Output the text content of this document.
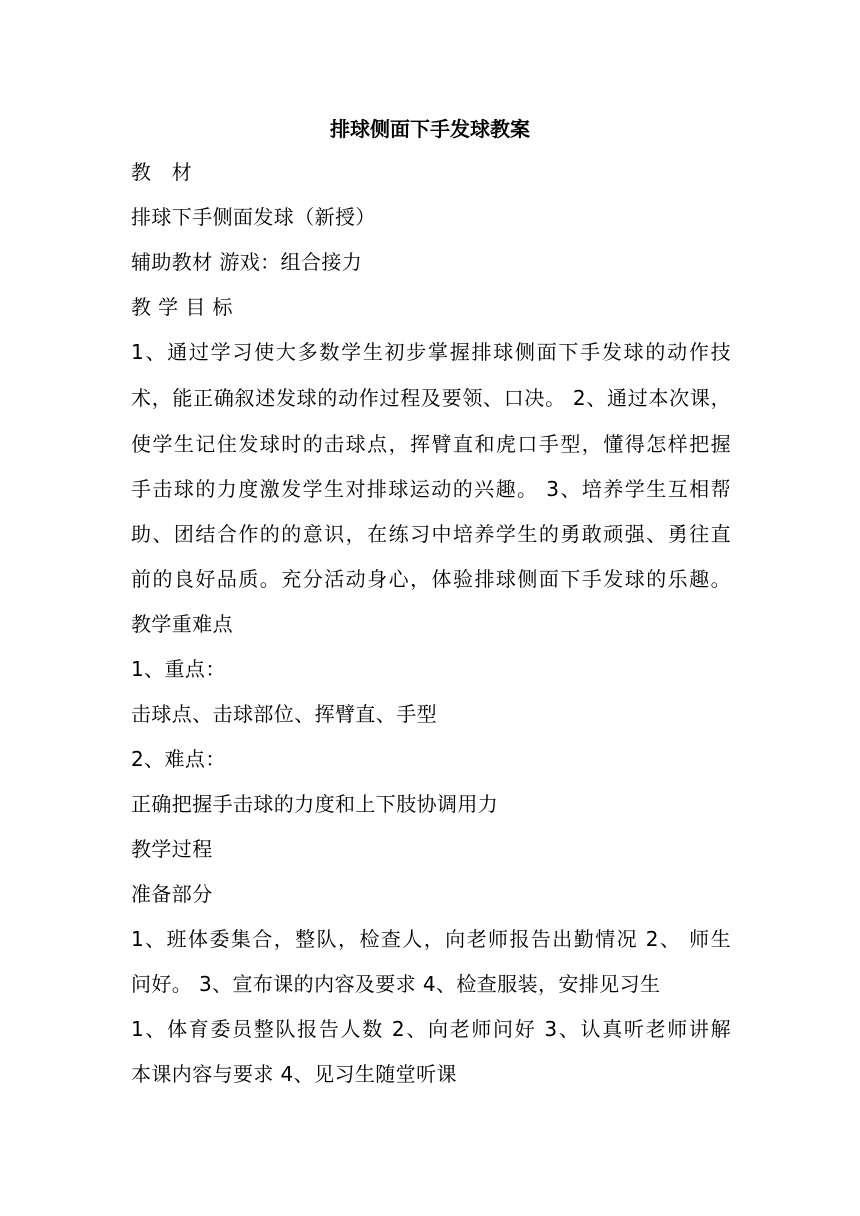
排球侧面下手发球教案
教　材
排球下手侧面发球（新授）
辅助教材 游戏：组合接力
教 学 目 标
1、通过学习使大多数学生初步掌握排球侧面下手发球的动作技
术，能正确叙述发球的动作过程及要领、口决。 2、通过本次课，
使学生记住发球时的击球点，挥臂直和虎口手型，懂得怎样把握
手击球的力度激发学生对排球运动的兴趣。 3、培养学生互相帮
助、团结合作的的意识，在练习中培养学生的勇敢顽强、勇往直
前的良好品质。充分活动身心，体验排球侧面下手发球的乐趣。
教学重难点
1、重点：
击球点、击球部位、挥臂直、手型
2、难点：
正确把握手击球的力度和上下肢协调用力
教学过程
准备部分
1、班体委集合，整队，检查人，向老师报告出勤情况 2、 师生
问好。 3、宣布课的内容及要求 4、检查服装，安排见习生
1、体育委员整队报告人数 2、向老师问好 3、认真听老师讲解
本课内容与要求 4、见习生随堂听课
